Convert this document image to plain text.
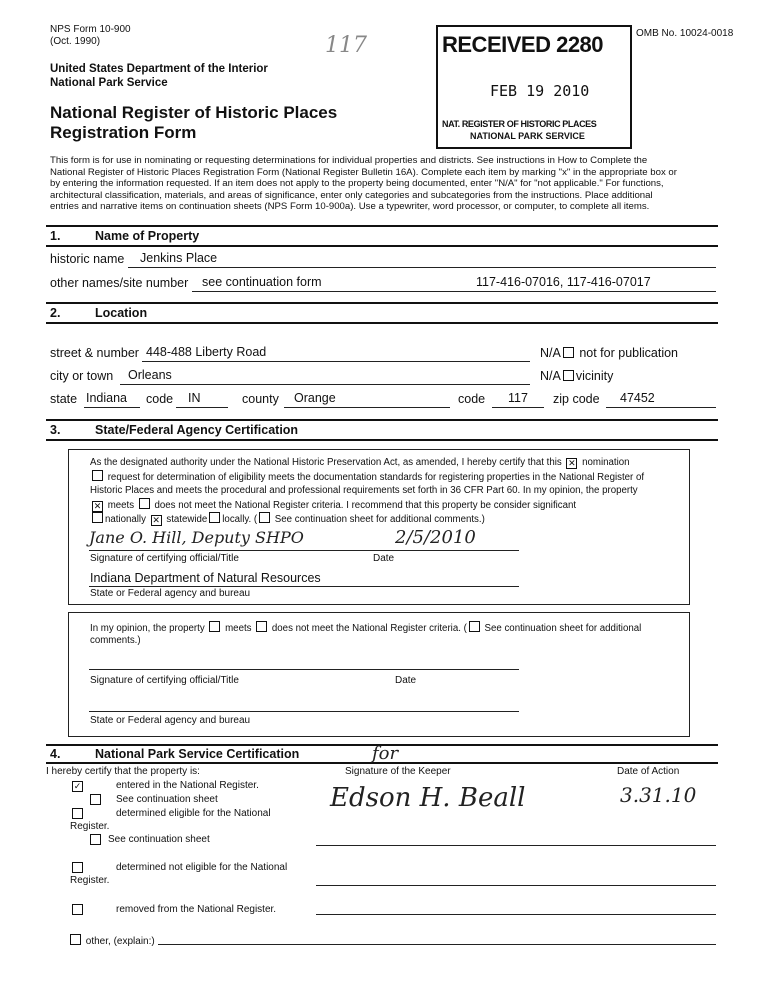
NPS Form 10-900
(Oct. 1990)
OMB No. 10024-0018
United States Department of the Interior
National Park Service
National Register of Historic Places
Registration Form
117	RECEIVED 2280
FEB 19 2010
NAT. REGISTER OF HISTORIC PLACES
NATIONAL PARK SERVICE
This form is for use in nominating or requesting determinations for individual properties and districts. See instructions in How to Complete the
National Register of Historic Places Registration Form (National Register Bulletin 16A). Complete each item by marking "x" in the appropriate box or
by entering the information requested. If an item does not apply to the property being documented, enter "N/A" for "not applicable." For functions,
architectural classification, materials, and areas of significance, enter only categories and subcategories from the instructions. Place additional
entries and narrative items on continuation sheets (NPS Form 10-900a). Use a typewriter, word processor, or computer, to complete all items.
1.	Name of Property
historic name Jenkins Place
other names/site number see continuation form	117-416-07016, 117-416-07017
2.	Location
street & number 448-488 Liberty Road	N/A not for publication
city or town Orleans	N/A vicinity
state Indiana code IN	county Orange	code 117 zip code 47452
3.	State/Federal Agency Certification
As the designated authority under the National Historic Preservation Act, as amended, I hereby certify that this ✕ nomination
request for determination of eligibility meets the documentation standards for registering properties in the National Register of
Historic Places and meets the procedural and professional requirements set forth in 36 CFR Part 60. In my opinion, the property
✕ meets does not meet the National Register criteria. I recommend that this property be consider significant
nationally ✕ statewide locally. ( See continuation sheet for additional comments.)
Jane O. Hill, Deputy SHPO	2/5/2010
Signature of certifying official/Title	Date
Indiana Department of Natural Resources
State or Federal agency and bureau
In my opinion, the property meets does not meet the National Register criteria. ( See continuation sheet for additional
comments.)
Signature of certifying official/Title	Date
State or Federal agency and bureau
4.	National Park Service Certification
I hereby certify that the property is:	Signature of the Keeper	Date of Action
for
Edson H. Beall	3.31.10
✓	entered in the National Register.
See continuation sheet
determined eligible for the National
Register.
See continuation sheet
determined not eligible for the National
Register.
removed from the National Register.
other, (explain:)
